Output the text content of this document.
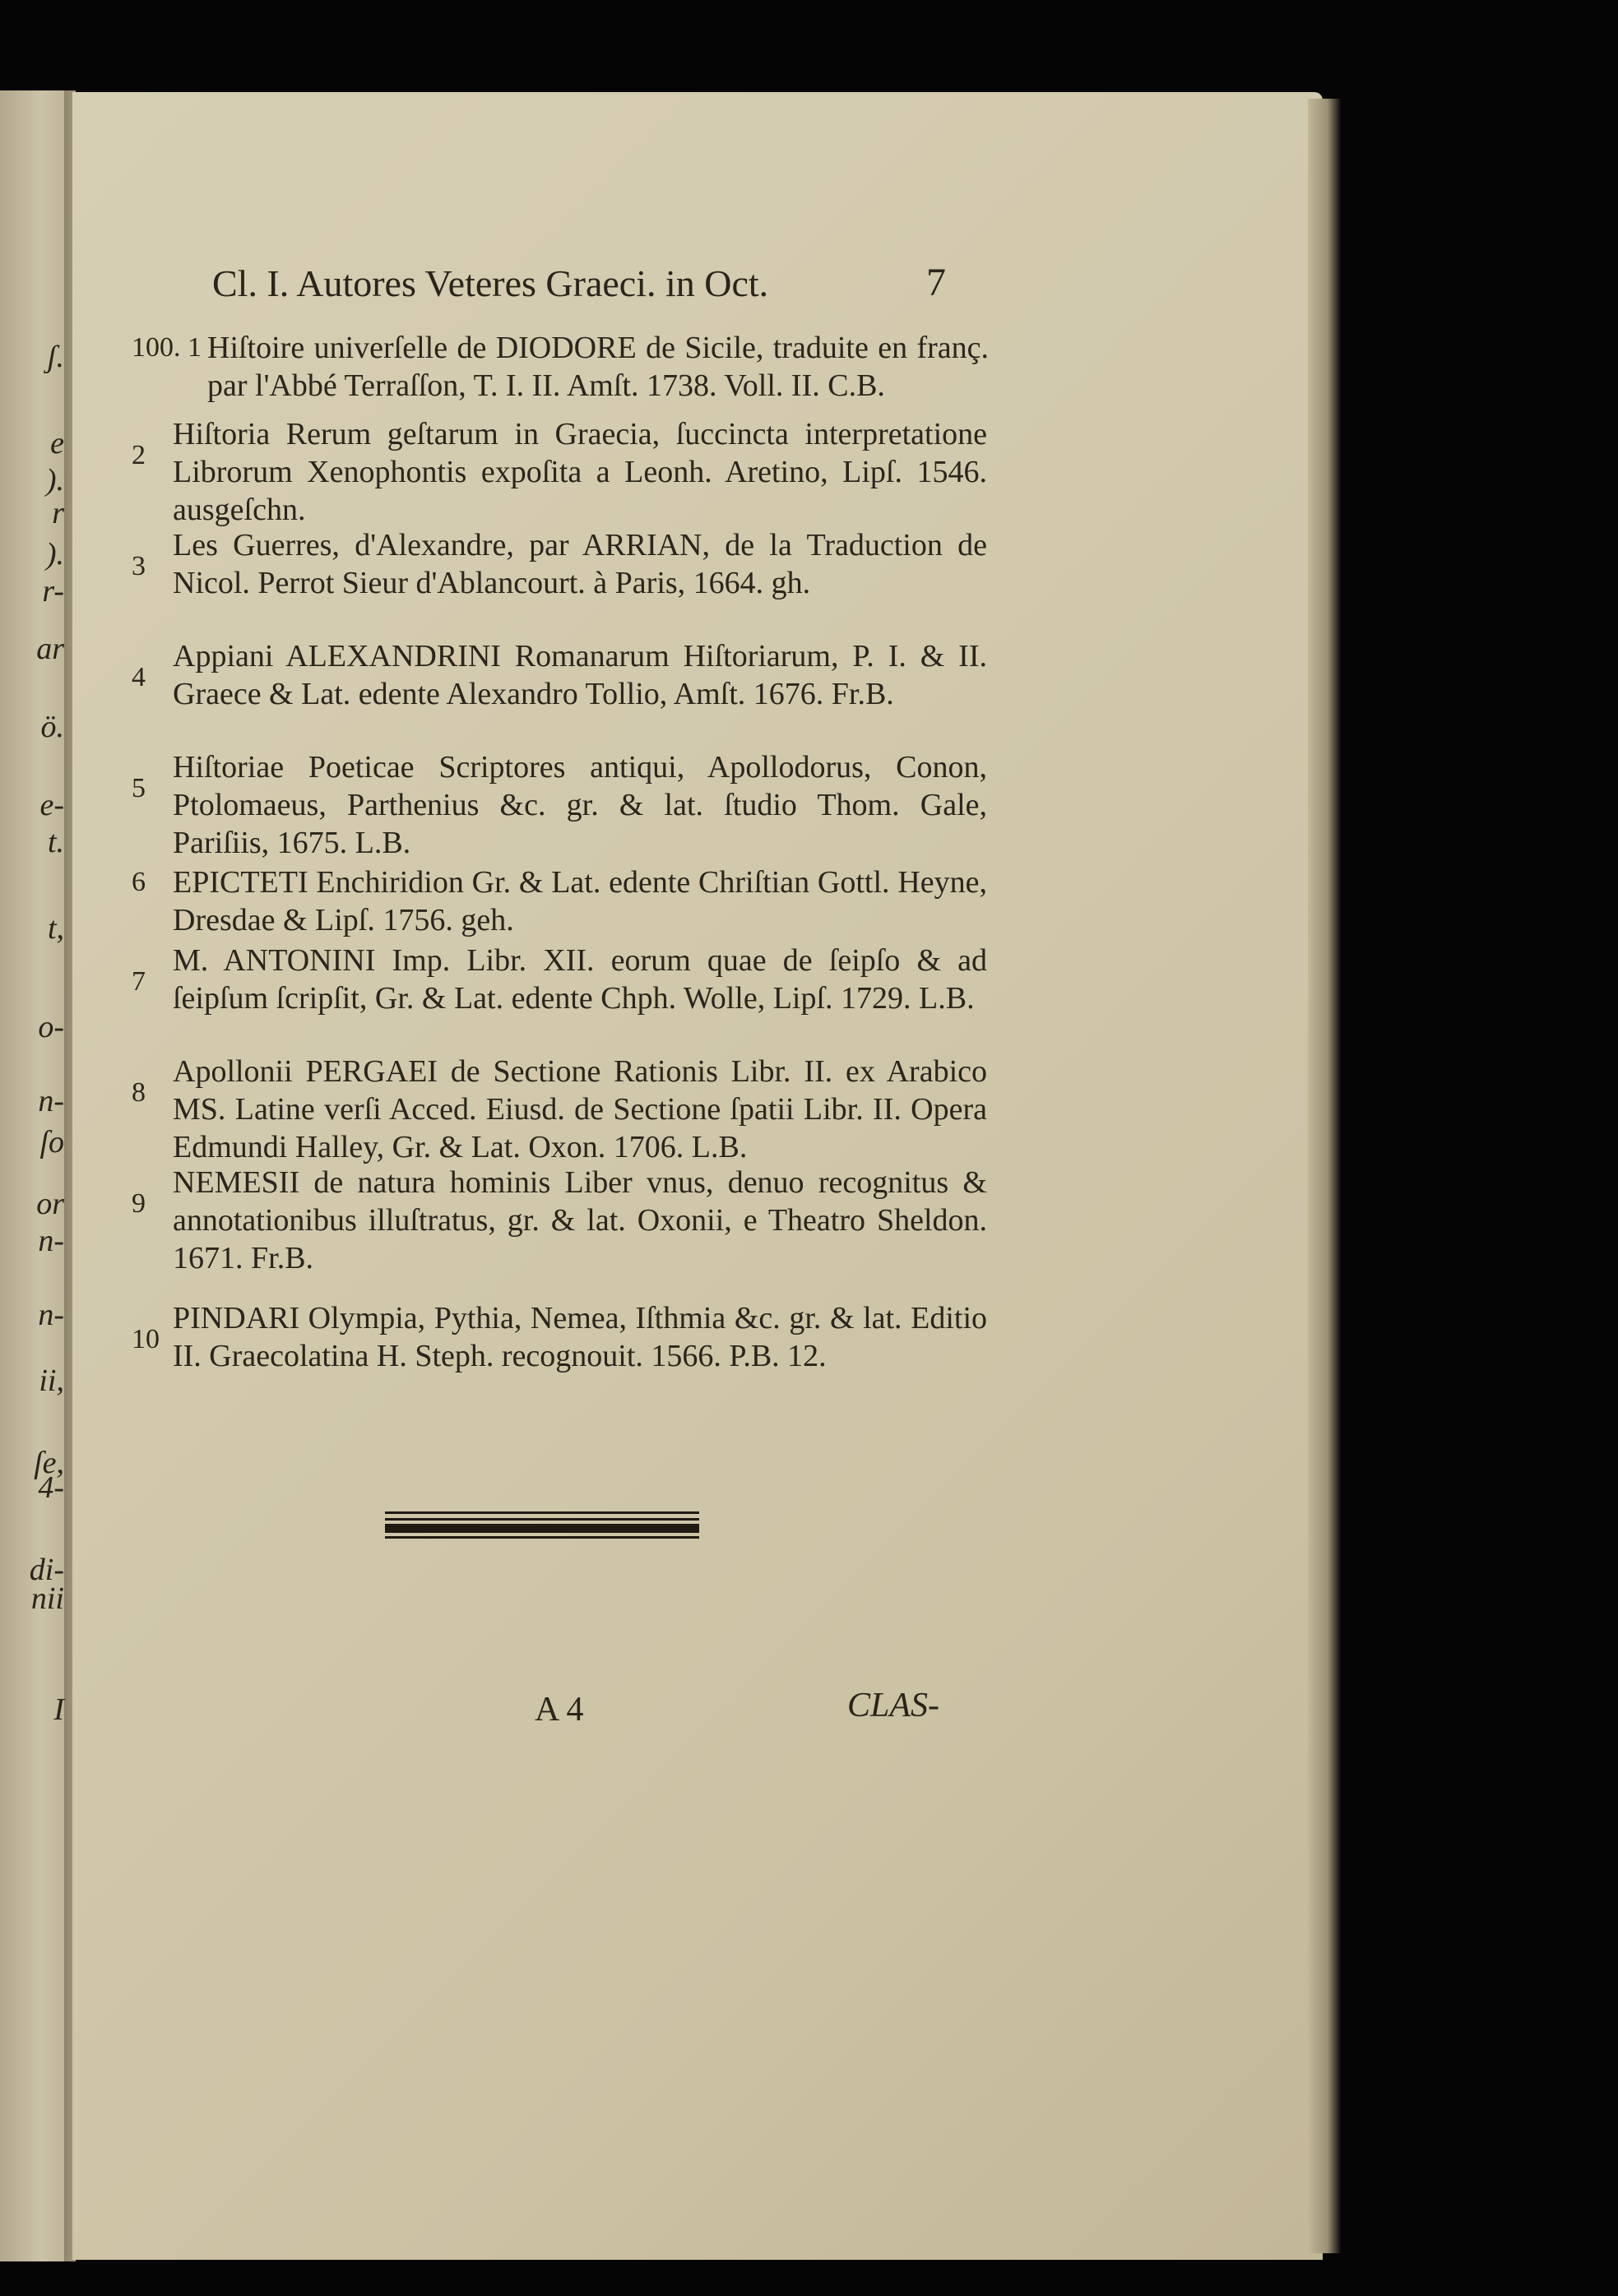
ʃ.
e
).
r
).
r-
ar
ö.
e-
t.
t,
o-
n-
ſo
or
n-
n-
ii,
ſe,
4-
di-
nii
I
Cl. I. Autores Veteres Graeci. in Oct.	7
100. 1 Hiſtoire univerſelle de DIODORE de Sicile, traduite en franç. par l'Abbé Terraſſon, T. I. II. Amſt. 1738. Voll. II. C.B.
2
Hiſtoria Rerum geſtarum in Graecia, ſuccincta interpretatione Librorum Xenophontis expoſita a Leonh. Aretino, Lipſ. 1546. ausgeſchn.
3
Les Guerres, d'Alexandre, par ARRIAN, de la Traduction de Nicol. Perrot Sieur d'Ablancourt. à Paris, 1664. gh.
4
Appiani ALEXANDRINI Romanarum Hiſtoriarum, P. I. & II. Graece & Lat. edente Alexandro Tollio, Amſt. 1676. Fr.B.
5
Hiſtoriae Poeticae Scriptores antiqui, Apollodorus, Conon, Ptolomaeus, Parthenius &c. gr. & lat. ſtudio Thom. Gale, Pariſiis, 1675. L.B.
6 EPICTETI Enchiridion Gr. & Lat. edente Chriſtian Gottl. Heyne, Dresdae & Lipſ. 1756. geh.
7
M. ANTONINI Imp. Libr. XII. eorum quae de ſeipſo & ad ſeipſum ſcripſit, Gr. & Lat. edente Chph. Wolle, Lipſ. 1729. L.B.
8
Apollonii PERGAEI de Sectione Rationis Libr. II. ex Arabico MS. Latine verſi Acced. Eiusd. de Sectione ſpatii Libr. II. Opera Edmundi Halley, Gr. & Lat. Oxon. 1706. L.B.
9
NEMESII de natura hominis Liber vnus, denuo recognitus & annotationibus illuſtratus, gr. & lat. Oxonii, e Theatro Sheldon. 1671. Fr.B.
10
PINDARI Olympia, Pythia, Nemea, Iſthmia &c. gr. & lat. Editio II. Graecolatina H. Steph. recognouit. 1566. P.B. 12.
A 4	CLAS-
